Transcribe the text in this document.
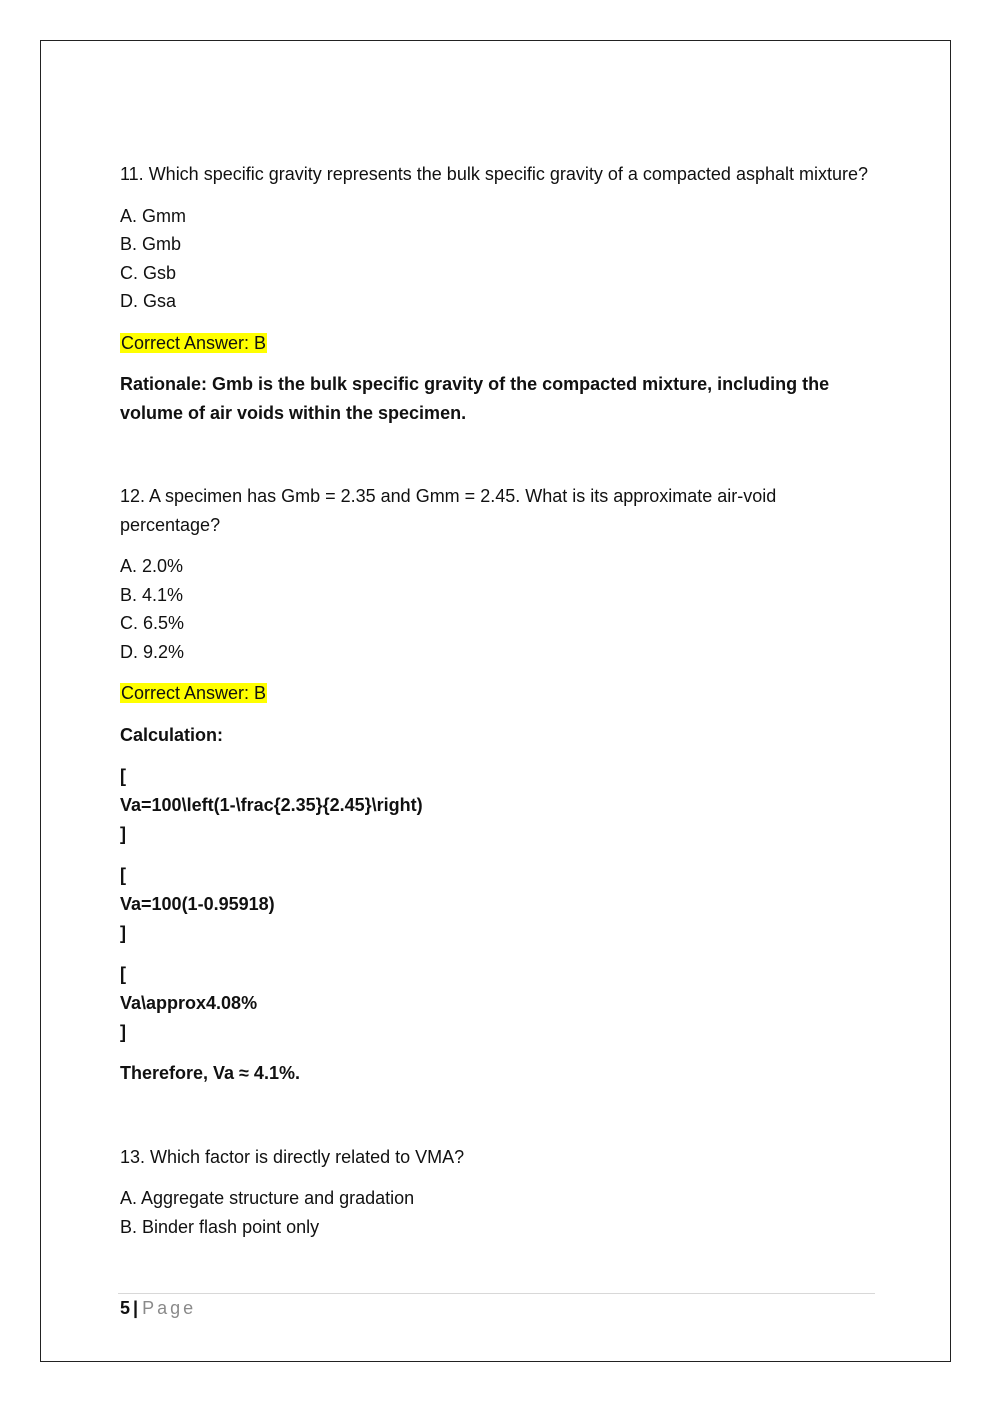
11. Which specific gravity represents the bulk specific gravity of a compacted asphalt mixture?

A. Gmm
B. Gmb
C. Gsb
D. Gsa

Correct Answer: B

Rationale: Gmb is the bulk specific gravity of the compacted mixture, including the volume of air voids within the specimen.

12. A specimen has Gmb = 2.35 and Gmm = 2.45. What is its approximate air-void percentage?

A. 2.0%
B. 4.1%
C. 6.5%
D. 9.2%

Correct Answer: B

Calculation:

[
Va=100\left(1-\frac{2.35}{2.45}\right)
]
[
Va=100(1-0.95918)
]
[
Va\approx4.08%
]

Therefore, Va ≈ 4.1%.

13. Which factor is directly related to VMA?

A. Aggregate structure and gradation
B. Binder flash point only
5 | Page
